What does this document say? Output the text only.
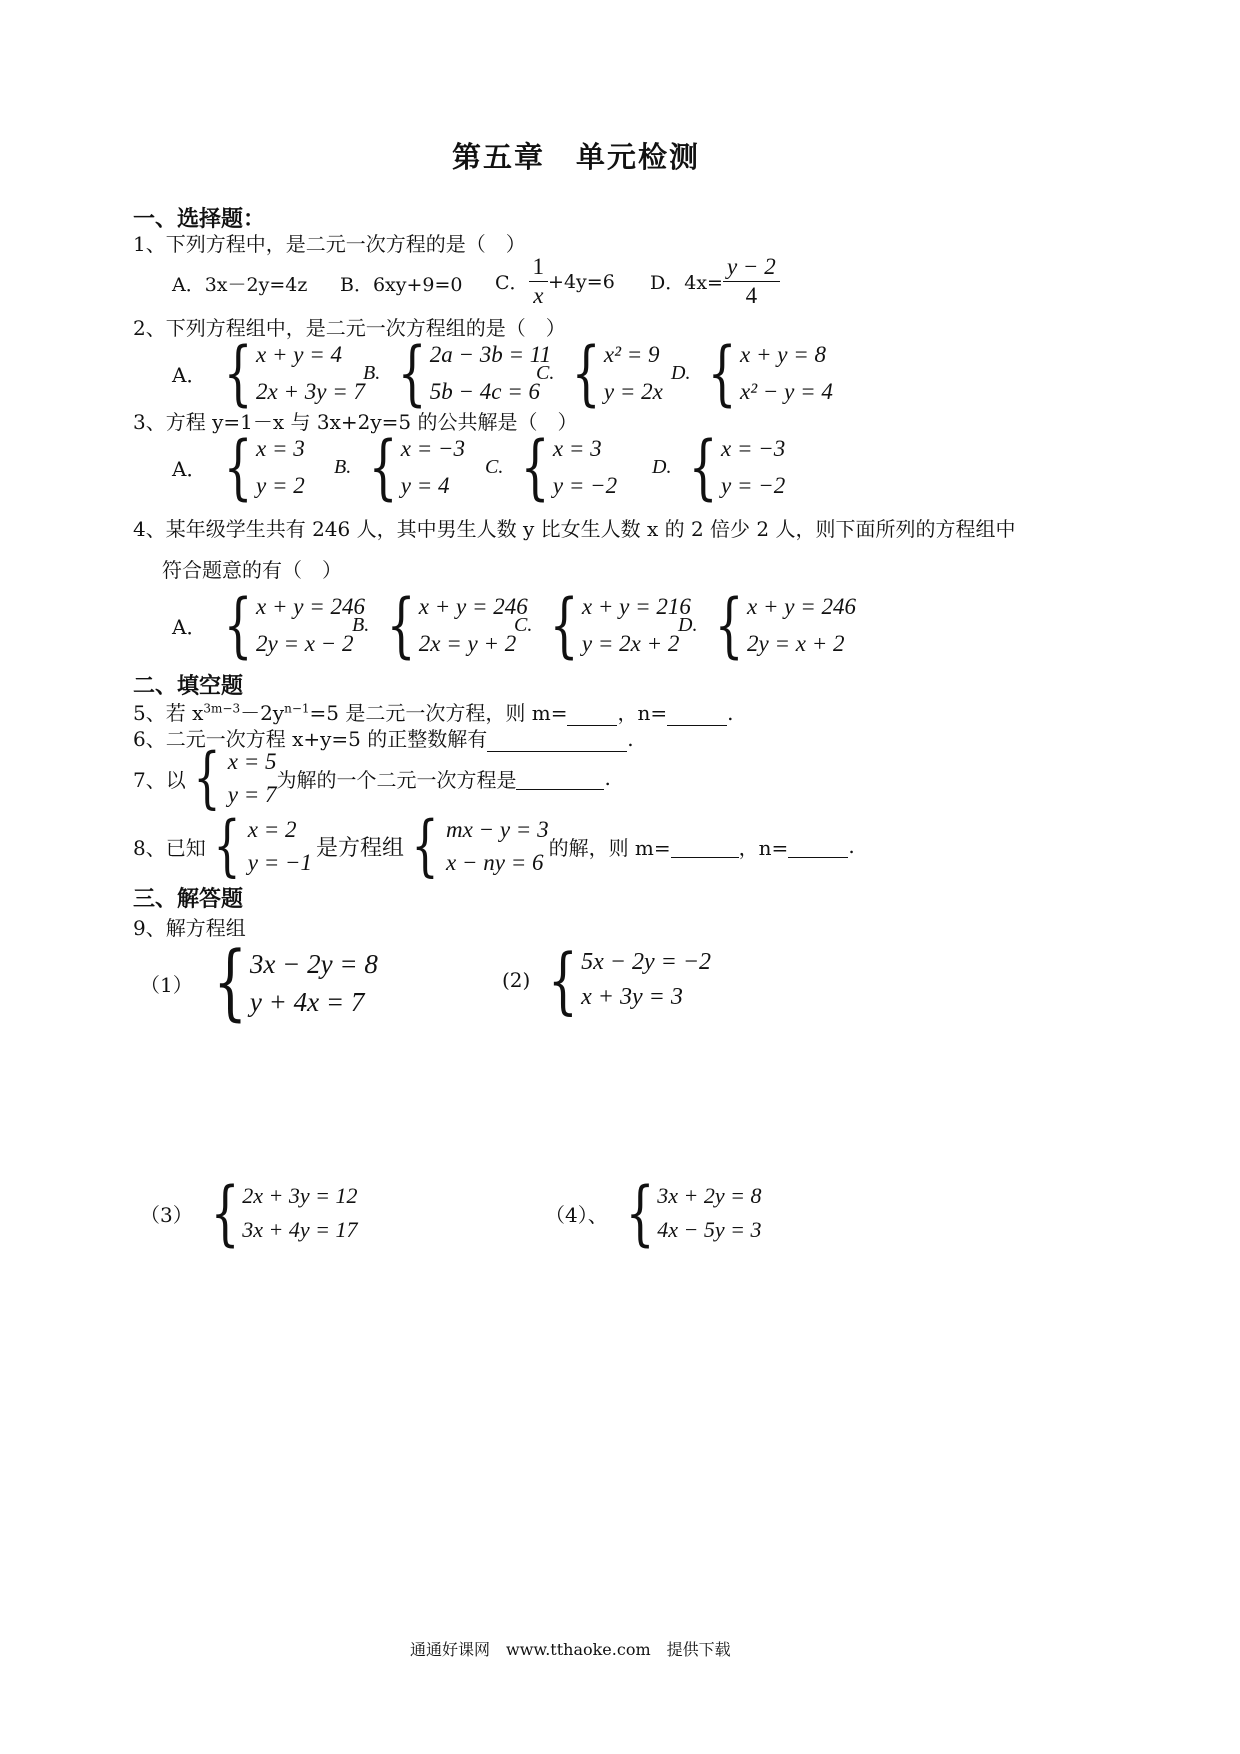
第五章　单元检测
一、选择题：
1、下列方程中，是二元一次方程的是（　）
A．3x－2y=4z B．6xy+9=0 C． $\frac{1}{x} +4y=6$ D．$4x= \frac{y - 2}{4}$
2、下列方程组中，是二元一次方程组的是（　）
A． { x + y = 4
2x + 3y = 7
B. { 2a − 3b = 11
5b − 4c = 6
C. { x² = 9
y = 2x
D. { x + y = 8
x² − y = 4
3、方程 y=1－x 与 3x+2y=5 的公共解是（　）
A． { x = 3
y = 2
B. { x = −3
y = 4
C. { x = 3
y = −2
D. { x = −3
y = −2
4、某年级学生共有 246 人，其中男生人数 y 比女生人数 x 的 2 倍少 2 人，则下面所列的方程组中
符合题意的有（　）
A． { x + y = 246
2y = x − 2
B. { x + y = 246
2x = y + 2
C. { x + y = 216
y = 2x + 2
D. { x + y = 246
2y = x + 2
二、填空题
5、若 $x^{3m-3}-2y^{n-1}=5$ 是二元一次方程，则 m=	，n=	.
6、二元一次方程 x+y=5 的正整数解有	.
7、以 { x = 5
y = 7
为解的一个二元一次方程是
	.
8、已知 { x = 2
y = −1
是方程组 { mx − y = 3
x − ny = 6
的解，则 m=
	，n=
	.
三、解答题
9、解方程组
（1） { 3x − 2y = 8
y + 4x = 7
(2) { 5x − 2y = −2
x + 3y = 3
（3） { 2x + 3y = 12
3x + 4y = 17
（4）、 { 3x + 2y = 8
4x − 5y = 3
通通好课网　www.tthaoke.com　提供下载
